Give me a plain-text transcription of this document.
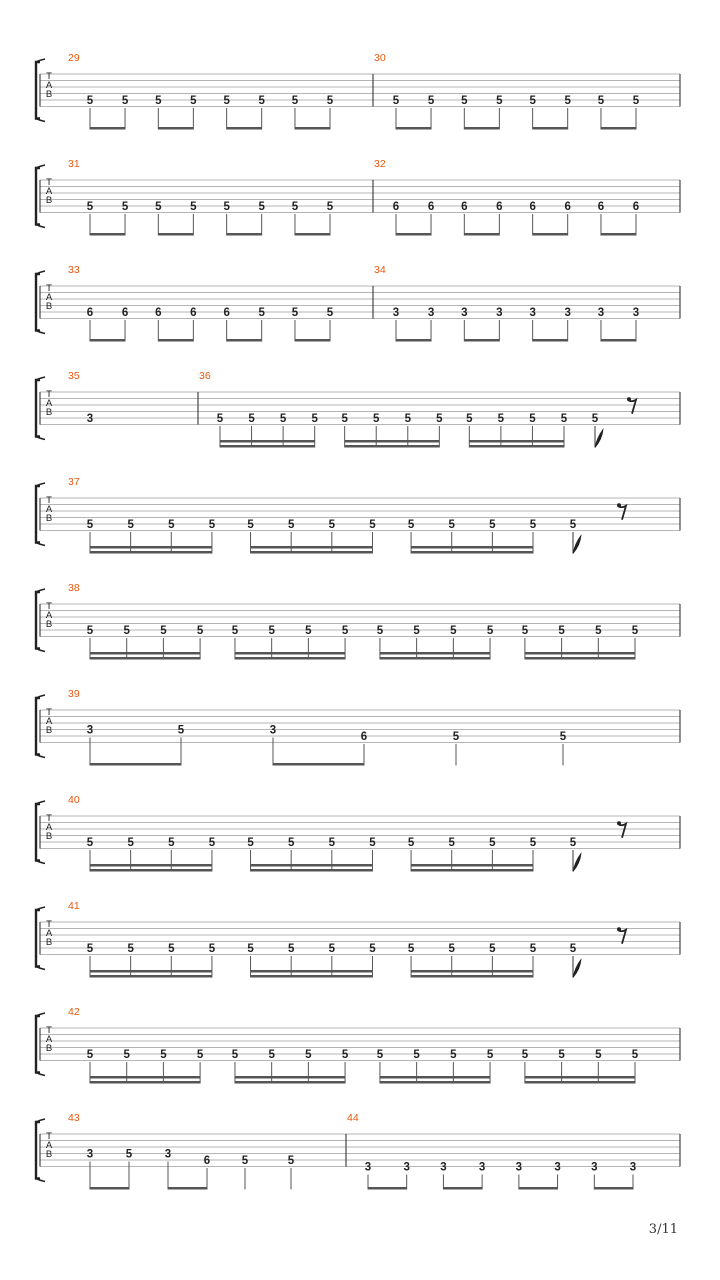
T
A
B
29
5 5 5 5 5 5 5 5
30
5 5 5 5 5 5 5 5
T
A
B
31
5 5 5 5 5 5 5 5
32
6 6 6 6 6 6 6 6
T
A
B
33
6 6 6 6 6 5 5 5
34
3 3 3 3 3 3 3 3
T
A
B
35
3
36
5 5 5 5 5 5 5 5 5 5 5 5 5
T
A
B
37
5	5	5	5	5	5	5	5	5	5	5	5	5
T
A
B
38
5	5	5	5 5	5	5	5 5	5	5	5 5	5	5	5
T
A
B
39
3	5	3
6	5	5
T
A
B
40
5	5	5	5	5	5	5	5	5	5	5	5	5
T
A
B
41
5	5	5	5	5	5	5	5	5	5	5	5	5
T
A
B
42
5	5	5	5 5	5	5	5 5	5	5	5 5	5	5	5
T
A
B
43
3	5	3
6	5	5
44
3	3	3	3	3	3	3	3
3/11
